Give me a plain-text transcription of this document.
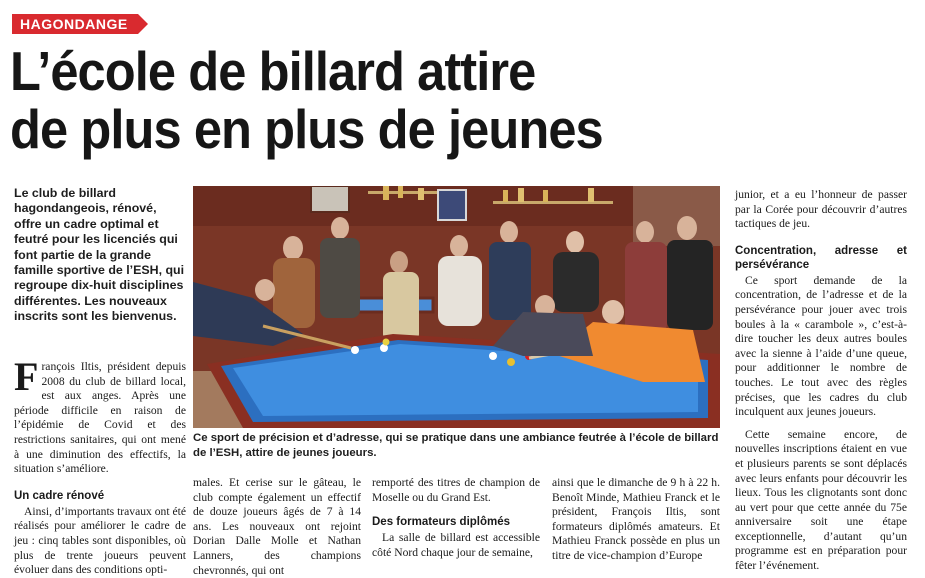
HAGONDANGE
L’école de billard attire
de plus en plus de jeunes

Le club de billard hagondangeois, rénové, offre un cadre optimal et feutré pour les licenciés qui font partie de la grande famille sportive de l’ESH, qui regroupe dix-huit disciplines différentes. Les nouveaux inscrits sont les bienvenus.

François Iltis, président depuis 2008 du club de billard local, est aux anges. Après une période difficile en raison de l’épidémie de Covid et des restrictions sanitaires, qui ont mené à une diminution des effectifs, la situation s’améliore.

Un cadre rénové

Ainsi, d’importants travaux ont été réalisés pour améliorer le cadre de jeu : cinq tables sont disponibles, où plus de trente joueurs peuvent évoluer dans des conditions opti-

Ce sport de précision et d’adresse, qui se pratique dans une ambiance feutrée à l’école de billard de l’ESH, attire de jeunes joueurs.

males. Et cerise sur le gâteau, le club compte également un effectif de douze joueurs âgés de 7 à 14 ans. Les nouveaux ont rejoint Dorian Dalle Molle et Nathan Lanners, des champions chevronnés, qui ont

remporté des titres de champion de Moselle ou du Grand Est.

Des formateurs diplômés

La salle de billard est accessible côté Nord chaque jour de semaine,

ainsi que le dimanche de 9 h à 22 h. Benoît Minde, Mathieu Franck et le président, François Iltis, sont formateurs diplômés amateurs. Et Mathieu Franck possède en plus un titre de vice-champion d’Europe

junior, et a eu l’honneur de passer par la Corée pour découvrir d’autres tactiques de jeu.

Concentration, adresse et persévérance

Ce sport demande de la concentration, de l’adresse et de la persévérance pour jouer avec trois boules à la « carambole », c’est-à-dire toucher les deux autres boules avec la sienne à l’aide d’une queue, pour additionner le nombre de touches. Le tout avec des règles précises, que les cadres du club inculquent aux jeunes joueurs.

Cette semaine encore, de nouvelles inscriptions étaient en vue et plusieurs parents se sont déplacés avec leurs enfants pour découvrir les lieux. Tous les clignotants sont donc au vert pour que cette année du 75e anniversaire soit une étape exceptionnelle, d’autant qu’un programme est en préparation pour fêter l’événement.
